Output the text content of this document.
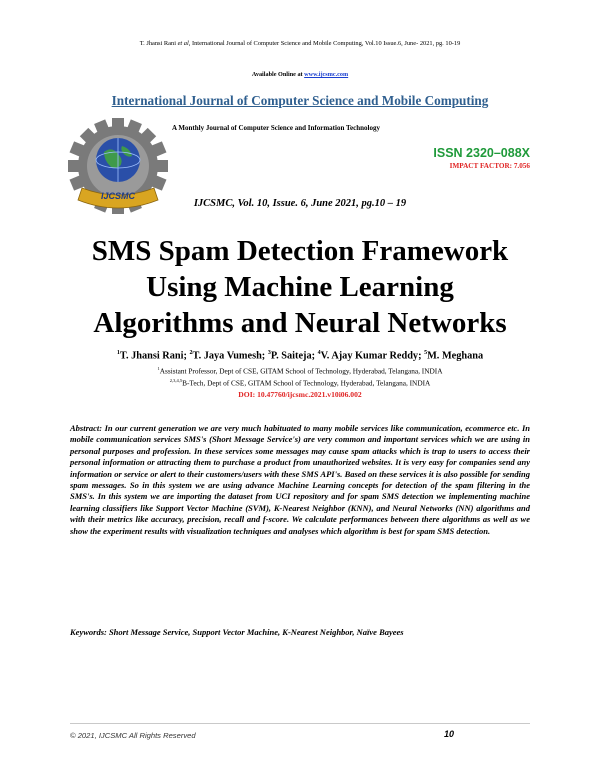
T. Jhansi Rani et al, International Journal of Computer Science and Mobile Computing, Vol.10 Issue.6, June- 2021, pg. 10-19
Available Online at www.ijcsmc.com
International Journal of Computer Science and Mobile Computing
IJCSMC
A Monthly Journal of Computer Science and Information Technology
ISSN 2320–088X
IMPACT FACTOR: 7.056
IJCSMC, Vol. 10, Issue. 6, June 2021, pg.10 – 19
SMS Spam Detection Framework
Using Machine Learning
Algorithms and Neural Networks
$^1$T. Jhansi Rani; $^2$T. Jaya Vumesh; $^3$P. Saiteja; $^4$V. Ajay Kumar Reddy; $^5$M. Meghana
$^1$Assistant Professor, Dept of CSE, GITAM School of Technology, Hyderabad, Telangana, INDIA
$^{2,3,4,5}$B-Tech, Dept of CSE, GITAM School of Technology, Hyderabad, Telangana, INDIA
DOI: 10.47760/ijcsmc.2021.v10i06.002
Abstract: In our current generation we are very much habituated to many mobile services like communication, ecommerce etc. In mobile communication services SMS's (Short Message Service's) are very common and important services which we are using in personal purposes and profession. In these services some messages may cause spam attacks which is trap to users to access their personal information or attracting them to purchase a product from unauthorized websites. It is very easy for companies send any information or service or alert to their customers/users with these SMS API's. Based on these services it is also possible for sending spam messages. So in this system we are using advance Machine Learning concepts for detection of the spam filtering in the SMS's. In this system we are importing the dataset from UCI repository and for spam SMS detection we implementing machine learning classifiers like Support Vector Machine (SVM), K-Nearest Neighbor (KNN), and Neural Networks (NN) algorithms and with their metrics like accuracy, precision, recall and f-score. We calculate performances between there algorithms as well as we show the experiment results with visualization techniques and analyses which algorithm is best for spam SMS detection.
Keywords: Short Message Service, Support Vector Machine, K-Nearest Neighbor, Naïve Bayees
© 2021, IJCSMC All Rights Reserved	10
